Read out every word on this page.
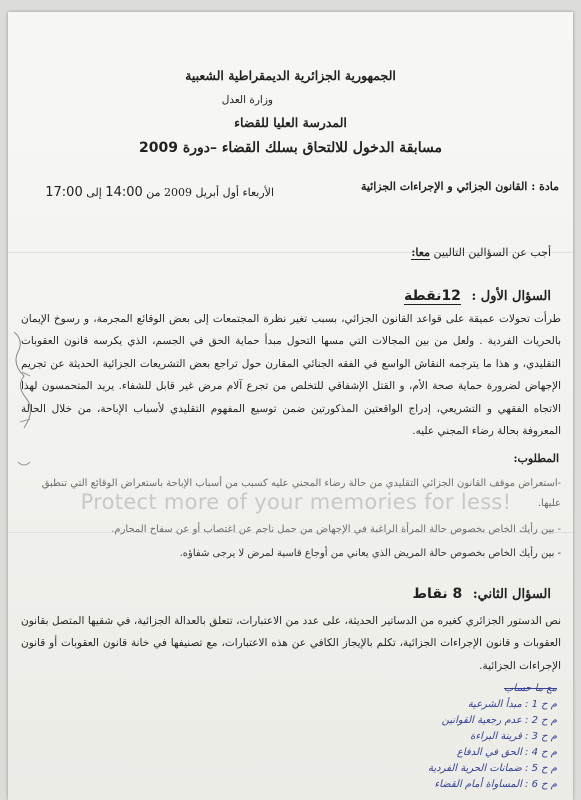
الجمهورية الجزائرية الديمقراطية الشعبية
وزارة العدل
المدرسة العليا للقضاء
مسابقة الدخول للالتحاق بسلك القضاء –دورة 2009
مادة : القانون الجزائي و الإجراءات الجزائية
الأربعاء أول أبريل 2009 من 14:00 إلى 17:00
أجب عن السؤالين التاليين معا:
السؤال الأول : 12نقطة
طرأت تحولات عميقة على قواعد القانون الجزائي، بسبب تغير نظرة المجتمعات إلى بعض الوقائع المجرمة، و رسوخ الإيمان بالحريات الفردية . ولعل من بين المجالات التي مسها التحول مبدأ حماية الحق في الجسم، الذي يكرسه قانون العقوبات التقليدي، و هذا ما يترجمه النقاش الواسع في الفقه الجنائي المقارن حول تراجع بعض التشريعات الجزائية الحديثة عن تجريم الإجهاض لضرورة حماية صحة الأم، و القتل الإشفاقي للتخلص من تجرع آلام مرض غير قابل للشفاء. يريد المتحمسون لهذا الاتجاه الفقهي و التشريعي، إدراج الواقعتين المذكورتين ضمن توسيع المفهوم التقليدي لأسباب الإباحة، من خلال الحالة المعروفة بحالة رضاء المجني عليه.
المطلوب:
-استعراض موقف القانون الجزائي التقليدي من حالة رضاء المجني عليه كسبب من أسباب الإباحة باستعراض الوقائع التي تنطبق عليها.
- بين رأيك الخاص بخصوص حالة المرأة الراغبة في الإجهاض من حمل ناجم عن اغتصاب أو عن سفاح المحارم.
- بين رأيك الخاص بخصوص حالة المريض الذي يعاني من أوجاع قاسية لمرض لا يرجى شفاؤه.
Protect more of your memories for less!
السؤال الثاني: 8 نقاط
نص الدستور الجزائري كغيره من الدساتير الحديثة، على عدد من الاعتبارات، تتعلق بالعدالة الجزائية، في شقيها المتصل بقانون العقوبات و قانون الإجراءات الجزائية، تكلم بالإيجاز الكافي عن هذه الاعتبارات، مع تصنيفها في خانة قانون العقوبات أو قانون الإجراءات الجزائية.
مع ما حساب
م ح 1 : مبدأ الشرعية
م ح 2 : عدم رجعية القوانين
م ح 3 : قرينة البراءة
م ح 4 : الحق في الدفاع
م ح 5 : ضمانات الحرية الفردية
م ح 6 : المساواة أمام القضاء
